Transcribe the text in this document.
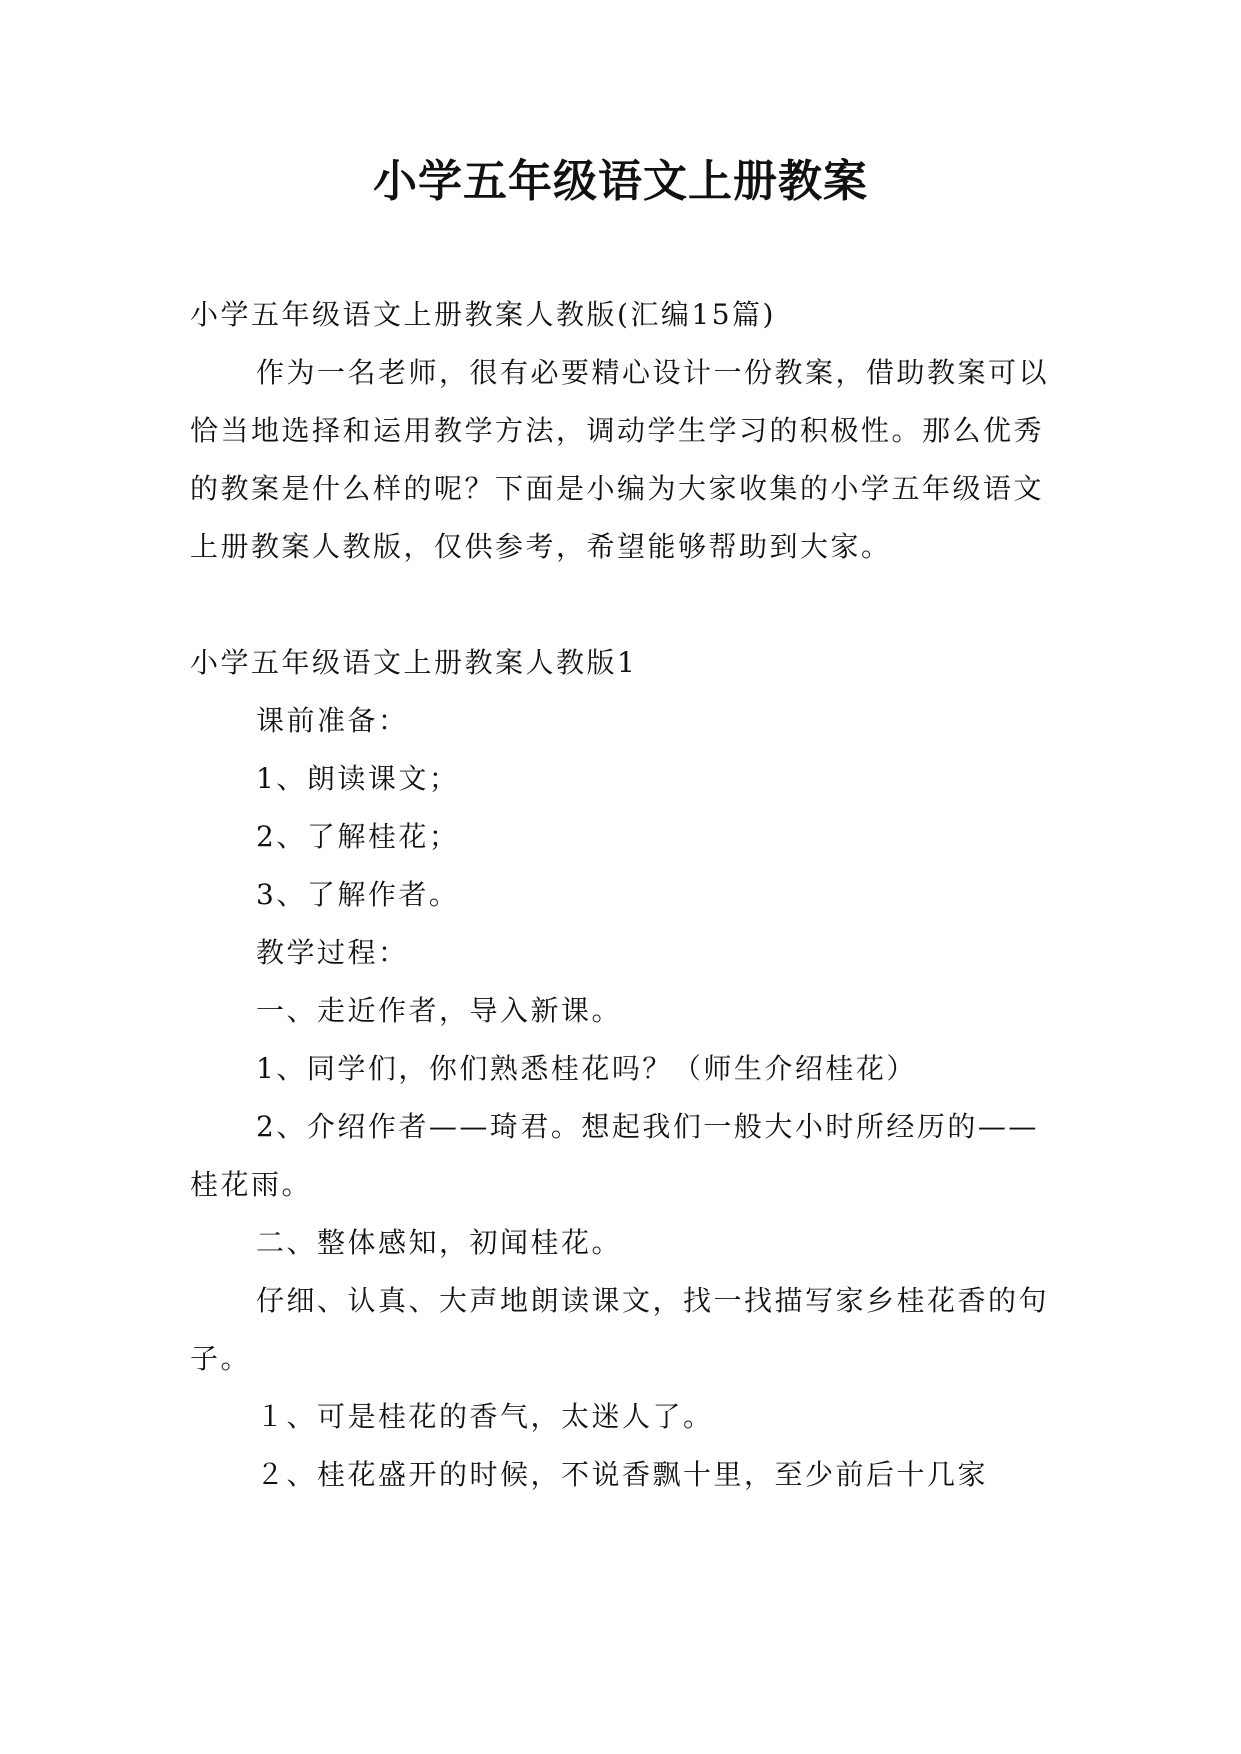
小学五年级语文上册教案

小学五年级语文上册教案人教版(汇编15篇)

作为一名老师，很有必要精心设计一份教案，借助教案可以恰当地选择和运用教学方法，调动学生学习的积极性。那么优秀的教案是什么样的呢？下面是小编为大家收集的小学五年级语文上册教案人教版，仅供参考，希望能够帮助到大家。

小学五年级语文上册教案人教版1

课前准备：

1、朗读课文；

2、了解桂花；

3、了解作者。

教学过程：

一、走近作者，导入新课。

1、同学们，你们熟悉桂花吗？（师生介绍桂花）

2、介绍作者——琦君。想起我们一般大小时所经历的——桂花雨。

二、整体感知，初闻桂花。

仔细、认真、大声地朗读课文，找一找描写家乡桂花香的句子。

１、可是桂花的香气，太迷人了。

２、桂花盛开的时候，不说香飘十里，至少前后十几家
